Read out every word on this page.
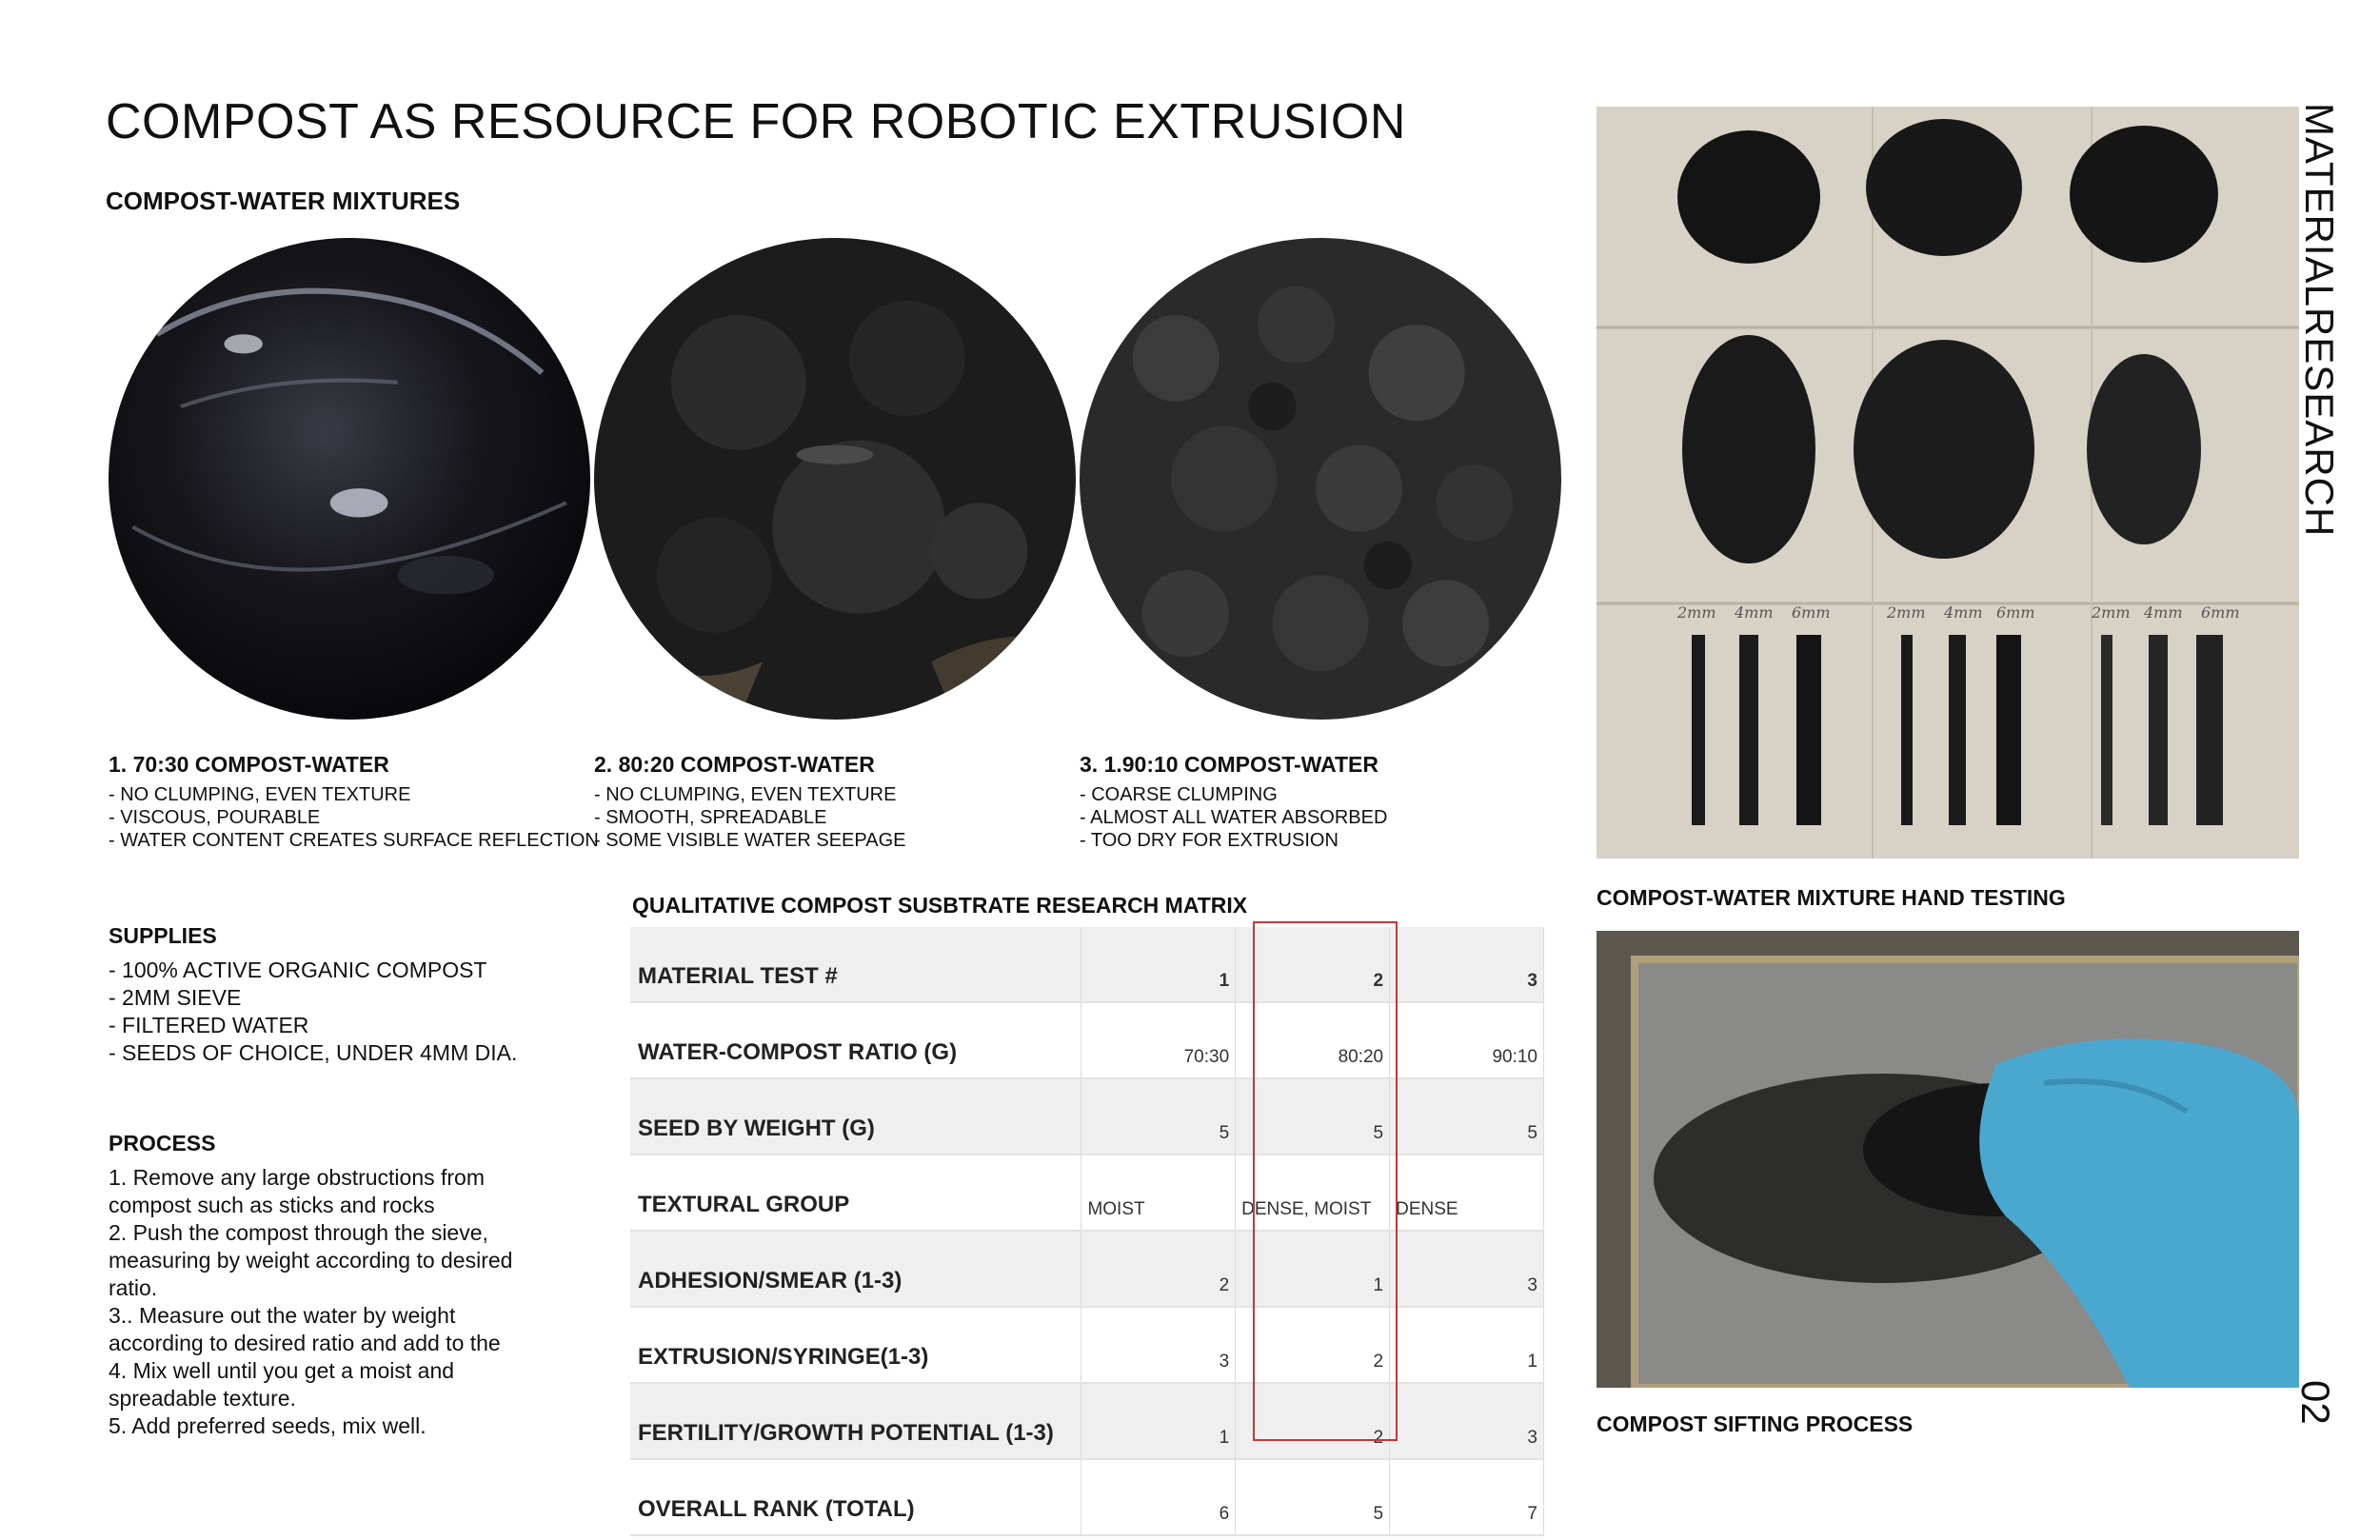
COMPOST AS RESOURCE FOR ROBOTIC EXTRUSION
COMPOST-WATER MIXTURES
1. 70:30 COMPOST-WATER
- NO CLUMPING, EVEN TEXTURE
- VISCOUS, POURABLE
- WATER CONTENT CREATES SURFACE REFLECTION
2. 80:20 COMPOST-WATER
- NO CLUMPING, EVEN TEXTURE
- SMOOTH, SPREADABLE
- SOME VISIBLE WATER SEEPAGE
3. 1.90:10 COMPOST-WATER
- COARSE CLUMPING
- ALMOST ALL WATER ABSORBED
- TOO DRY FOR EXTRUSION
SUPPLIES
- 100% ACTIVE ORGANIC COMPOST
- 2MM SIEVE
- FILTERED WATER
- SEEDS OF CHOICE, UNDER 4MM DIA.
PROCESS
1. Remove any large obstructions from
compost such as sticks and rocks
2. Push the compost through the sieve,
measuring by weight according to desired
ratio.
3.. Measure out the water by weight
according to desired ratio and add to the
4. Mix well until you get a moist and
spreadable texture.
5. Add preferred seeds, mix well.
QUALITATIVE COMPOST SUSBTRATE RESEARCH MATRIX
MATERIAL TEST #	1	2	3
WATER-COMPOST RATIO (G)	70:30	80:20	90:10
SEED BY WEIGHT (G)	5	5	5
TEXTURAL GROUP	MOIST	DENSE, MOIST	DENSE
ADHESION/SMEAR (1-3)	2	1	3
EXTRUSION/SYRINGE(1-3)	3	2	1
FERTILITY/GROWTH POTENTIAL (1-3)	1	2	3
OVERALL RANK (TOTAL)	6	5	7
2mm 4mm 6mm	2mm 4mm 6mm	2mm 4mm 6mm
COMPOST-WATER MIXTURE HAND TESTING
COMPOST SIFTING PROCESS
MATERIALRESEARCH
02
